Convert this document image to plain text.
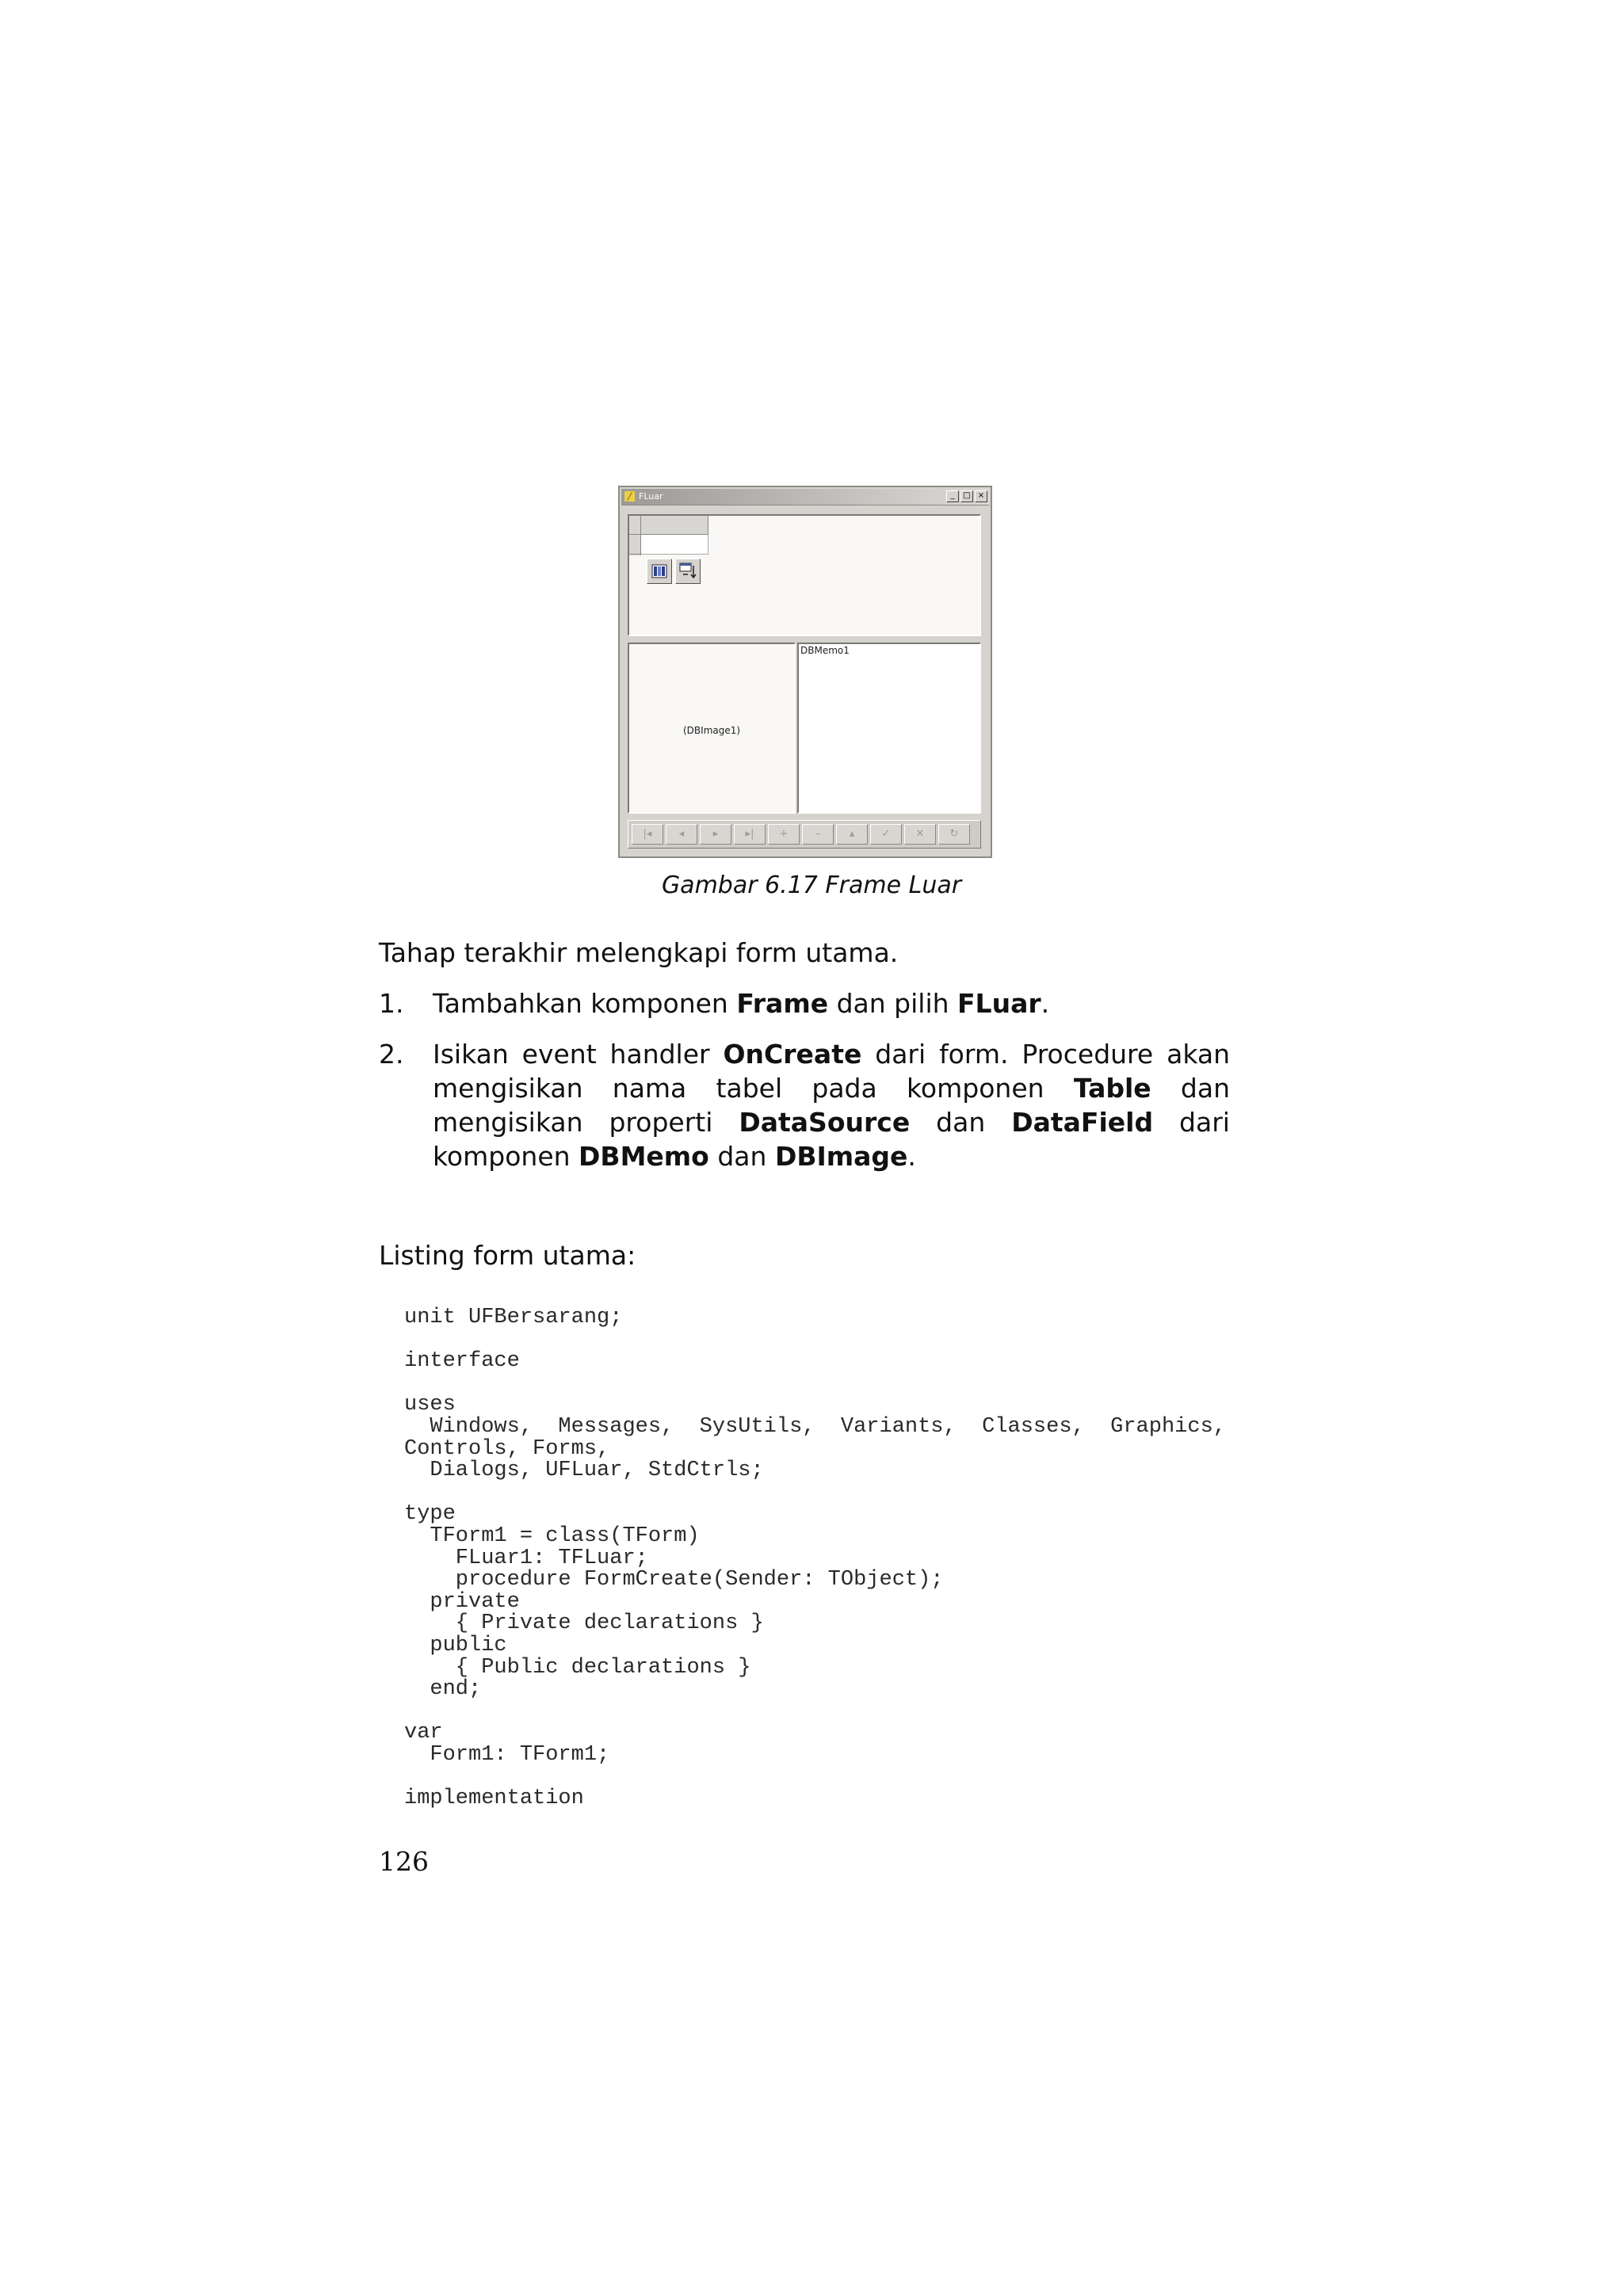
FLuar	_	□ ×
(DBImage1)
DBMemo1
|◂	◂	▸	▸|	+	–	▴	✓	✕	↻
Gambar 6.17 Frame Luar
Tahap terakhir melengkapi form utama.
1. Tambahkan komponen Frame dan pilih FLuar.
2. Isikan event handler OnCreate dari form. Procedure akan
mengisikan nama tabel pada komponen Table dan
mengisikan properti DataSource dan DataField dari
komponen DBMemo dan DBImage.
Listing form utama:
unit UFBersarang;

interface

uses
Windows,  Messages,  SysUtils,  Variants,  Classes,  Graphics,
Controls, Forms,
Dialogs, UFLuar, StdCtrls;

type
TForm1 = class(TForm)
FLuar1: TFLuar;
procedure FormCreate(Sender: TObject);
private
{ Private declarations }
public
{ Public declarations }
end;

var
Form1: TForm1;

implementation
126
